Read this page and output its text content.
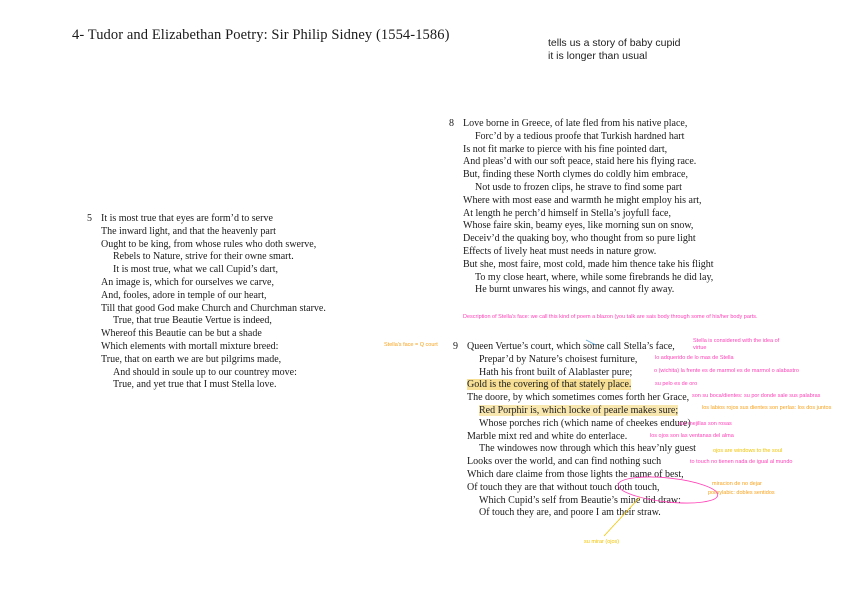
4- Tudor and Elizabethan Poetry: Sir Philip Sidney (1554-1586)	tells us a story of baby cupid
it is longer than usual
5 It is most true that eyes are form’d to serve
The inward light, and that the heavenly part
Ought to be king, from whose rules who doth swerve,
Rebels to Nature, strive for their owne smart.
It is most true, what we call Cupid’s dart,
An image is, which for ourselves we carve,
And, fooles, adore in temple of our heart,
Till that good God make Church and Churchman starve.
True, that true Beautie Vertue is indeed,
Whereof this Beautie can be but a shade
Which elements with mortall mixture breed:
True, that on earth we are but pilgrims made,
And should in soule up to our countrey move:
True, and yet true that I must Stella love.
8 Love borne in Greece, of late fled from his native place,
Forc’d by a tedious proofe that Turkish hardned hart
Is not fit marke to pierce with his fine pointed dart,
And pleas’d with our soft peace, staid here his flying race.
But, finding these North clymes do coldly him embrace,
Not usde to frozen clips, he strave to find some part
Where with most ease and warmth he might employ his art,
At length he perch’d himself in Stella’s joyfull face,
Whose faire skin, beamy eyes, like morning sun on snow,
Deceiv’d the quaking boy, who thought from so pure light
Effects of lively heat must needs in nature grow.
But she, most faire, most cold, made him thence take his flight
To my close heart, where, while some firebrands he did lay,
He burnt unwares his wings, and cannot fly away.
9 Queen Vertue’s court, which some call Stella’s face,
Prepar’d by Nature’s choisest furniture,
Hath his front built of Alablaster pure;
Gold is the covering of that stately place.
The doore, by which sometimes comes forth her Grace,
Red Porphir is, which locke of pearle makes sure;
Whose porches rich (which name of cheekes endure)
Marble mixt red and white do enterlace.
The windowes now through which this heav’nly guest
Looks over the world, and can find nothing such
Which dare claime from those lights the name of best,
Of touch they are that without touch doth touch,
Which Cupid’s self from Beautie’s mine did draw:
Of touch they are, and poore I am their straw.
Description of Stella's face: we call this kind of poem a blazon (you talk are sais body through some of his/her body parts.
Stella's face = Q court
Stella is considered with the idea of virtue
lo adquerido de lo mas de Stella
o (wichita) la frente es de marmol es de marmol o alabastro
su pelo es de oro
son su boca/dientes: su por donde sale sus palabras
los labios rojos sus dientes son perlas: los dos juntos
sus mejillas son rosas
los ojos son las ventanas del alma
to touch no tienen nada de igual al mundo
ojos are windows to the soul
miracion de no dejar
polisylabic: dobles sentidos
su mirar (ojos)
